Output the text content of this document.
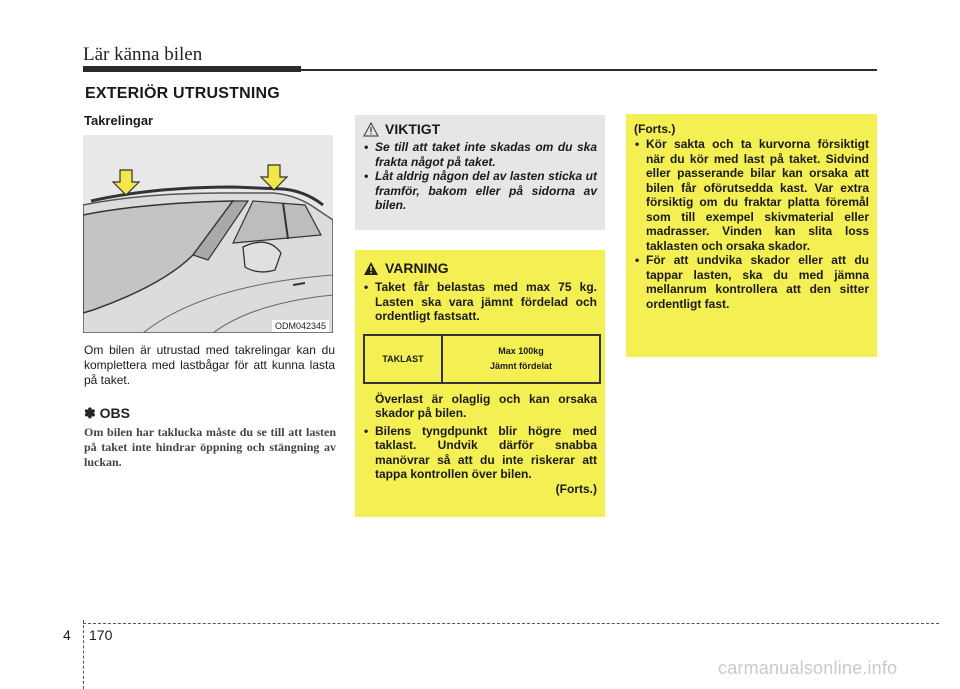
Lär känna bilen
EXTERIÖR UTRUSTNING
Takrelingar
ODM042345
Om bilen är utrustad med takrelingar kan du komplettera med lastbågar för att kunna lasta på taket.
✽ OBS
Om bilen har taklucka måste du se till att lasten på taket inte hindrar öppning och stängning av luckan.
VIKTIGT
• Se till att taket inte skadas om du ska frakta något på taket.
• Låt aldrig någon del av lasten sticka ut framför, bakom eller på sidorna av bilen.
VARNING
• Taket får belastas med max 75 kg. Lasten ska vara jämnt fördelad och ordentligt fastsatt.
TAKLAST
Max 100kg
Jämnt fördelat
Överlast är olaglig och kan orsaka skador på bilen.
• Bilens tyngdpunkt blir högre med taklast. Undvik därför snabba manövrar så att du inte riskerar att tappa kontrollen över bilen.
(Forts.)
(Forts.)
• Kör sakta och ta kurvorna försiktigt när du kör med last på taket. Sidvind eller passerande bilar kan orsaka att bilen får oförutsedda kast. Var extra försiktig om du fraktar platta föremål som till exempel skivmaterial eller madrasser. Vinden kan slita loss taklasten och orsaka skador.
• För att undvika skador eller att du tappar lasten, ska du med jämna mellanrum kontrollera att den sitter ordentligt fast.
4 170
carmanualsonline.info
